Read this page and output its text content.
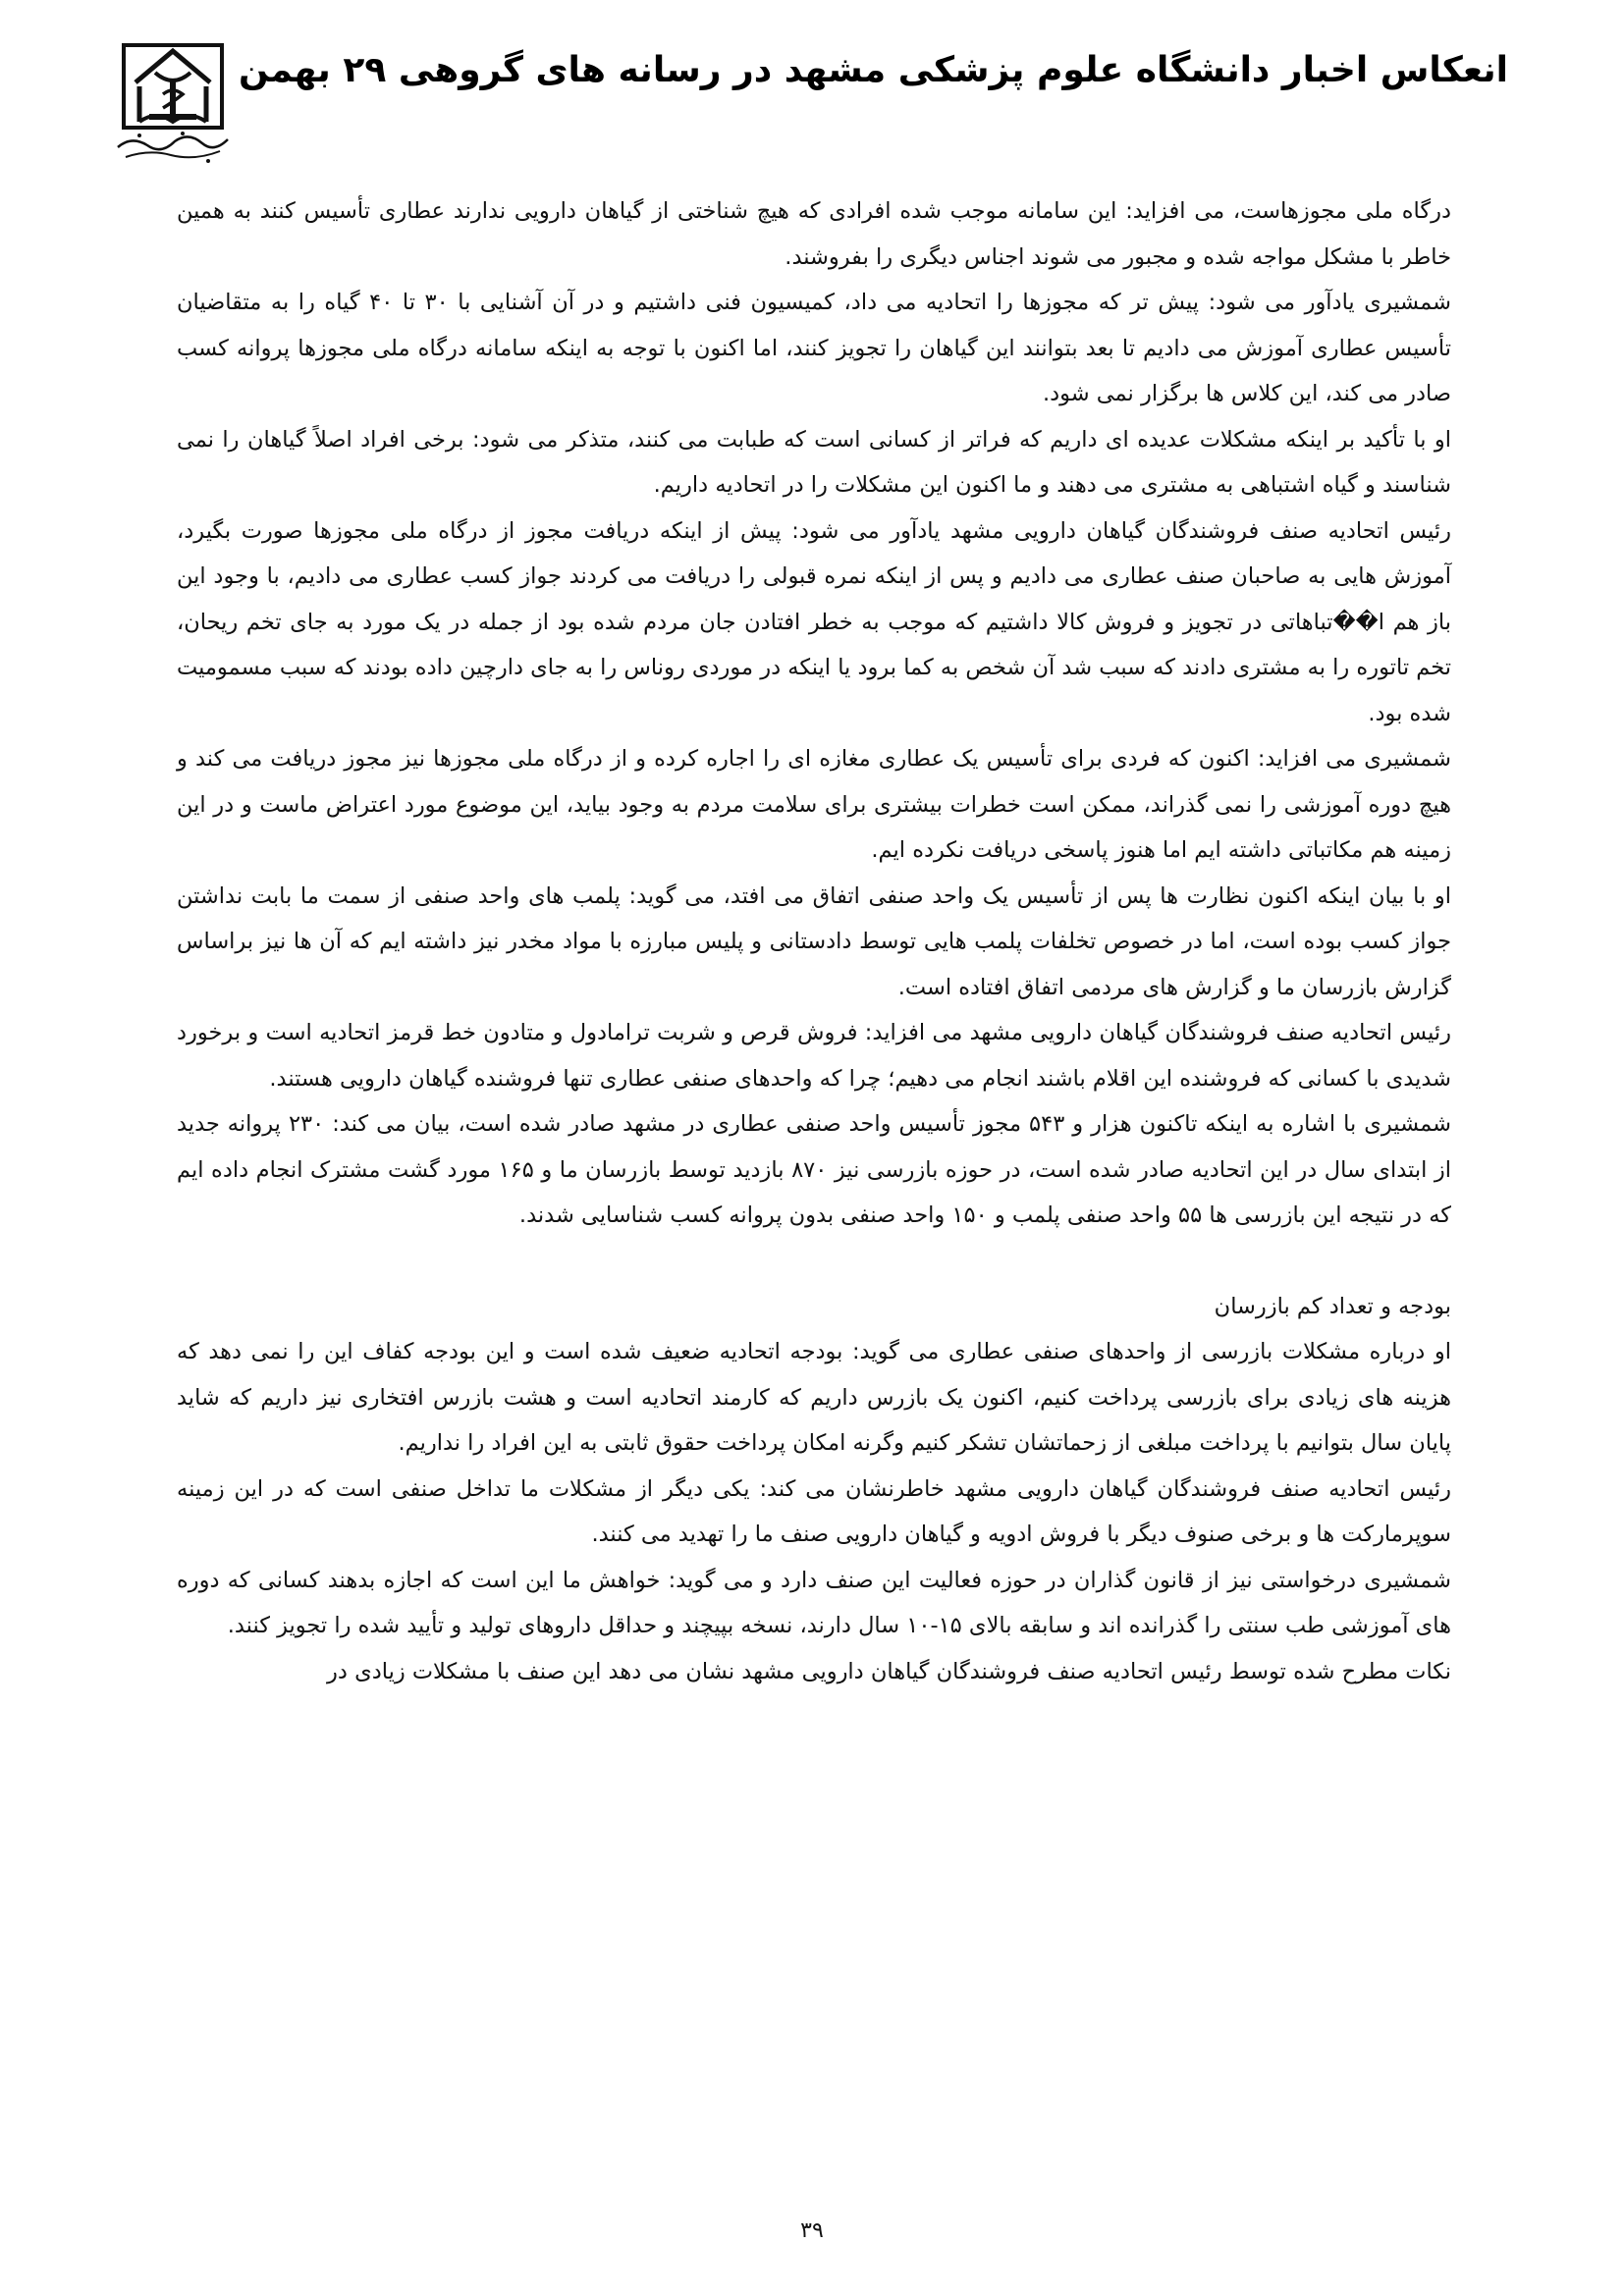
انعکاس اخبار دانشگاه علوم پزشکی مشهد در رسانه های گروهی ۲۹ بهمن

درگاه ملی مجوزهاست، می افزاید: این سامانه موجب شده افرادی که هیچ شناختی از گیاهان دارویی ندارند عطاری تأسیس کنند به همین خاطر با مشکل مواجه شده و مجبور می شوند اجناس دیگری را بفروشند.

شمشیری یادآور می شود: پیش تر که مجوزها را اتحادیه می داد، کمیسیون فنی داشتیم و در آن آشنایی با ۳۰ تا ۴۰ گیاه را به متقاضیان تأسیس عطاری آموزش می دادیم تا بعد بتوانند این گیاهان را تجویز کنند، اما اکنون با توجه به اینکه سامانه درگاه ملی مجوزها پروانه کسب صادر می کند، این کلاس ها برگزار نمی شود.

او با تأکید بر اینکه مشکلات عدیده ای داریم که فراتر از کسانی است که طبابت می کنند، متذکر می شود: برخی افراد اصلاً گیاهان را نمی شناسند و گیاه اشتباهی به مشتری می دهند و ما اکنون این مشکلات را در اتحادیه داریم.

رئیس اتحادیه صنف فروشندگان گیاهان دارویی مشهد یادآور می شود: پیش از اینکه دریافت مجوز از درگاه ملی مجوزها صورت بگیرد، آموزش هایی به صاحبان صنف عطاری می دادیم و پس از اینکه نمره قبولی را دریافت می کردند جواز کسب عطاری می دادیم، با وجود این باز هم ا��تباهاتی در تجویز و فروش کالا داشتیم که موجب به خطر افتادن جان مردم شده بود از جمله در یک مورد به جای تخم ریحان، تخم تاتوره را به مشتری دادند که سبب شد آن شخص به کما برود یا اینکه در موردی روناس را به جای دارچین داده بودند که سبب مسمومیت شده بود.

شمشیری می افزاید: اکنون که فردی برای تأسیس یک عطاری مغازه ای را اجاره کرده و از درگاه ملی مجوزها نیز مجوز دریافت می کند و هیچ دوره آموزشی را نمی گذراند، ممکن است خطرات بیشتری برای سلامت مردم به وجود بیاید، این موضوع مورد اعتراض ماست و در این زمینه هم مکاتباتی داشته ایم اما هنوز پاسخی دریافت نکرده ایم.

او با بیان اینکه اکنون نظارت ها پس از تأسیس یک واحد صنفی اتفاق می افتد، می گوید: پلمب های واحد صنفی از سمت ما بابت نداشتن جواز کسب بوده است، اما در خصوص تخلفات پلمب هایی توسط دادستانی و پلیس مبارزه با مواد مخدر نیز داشته ایم که آن ها نیز براساس گزارش بازرسان ما و گزارش های مردمی اتفاق افتاده است.

رئیس اتحادیه صنف فروشندگان گیاهان دارویی مشهد می افزاید: فروش قرص و شربت ترامادول و متادون خط قرمز اتحادیه است و برخورد شدیدی با کسانی که فروشنده این اقلام باشند انجام می دهیم؛ چرا که واحدهای صنفی عطاری تنها فروشنده گیاهان دارویی هستند.

شمشیری با اشاره به اینکه تاکنون هزار و ۵۴۳ مجوز تأسیس واحد صنفی عطاری در مشهد صادر شده است، بیان می کند: ۲۳۰ پروانه جدید از ابتدای سال در این اتحادیه صادر شده است، در حوزه بازرسی نیز ۸۷۰ بازدید توسط بازرسان ما و ۱۶۵ مورد گشت مشترک انجام داده ایم که در نتیجه این بازرسی ها ۵۵ واحد صنفی پلمب و ۱۵۰ واحد صنفی بدون پروانه کسب شناسایی شدند.

بودجه و تعداد کم بازرسان

او درباره مشکلات بازرسی از واحدهای صنفی عطاری می گوید: بودجه اتحادیه ضعیف شده است و این بودجه کفاف این را نمی دهد که هزینه های زیادی برای بازرسی پرداخت کنیم، اکنون یک بازرس داریم که کارمند اتحادیه است و هشت بازرس افتخاری نیز داریم که شاید پایان سال بتوانیم با پرداخت مبلغی از زحماتشان تشکر کنیم وگرنه امکان پرداخت حقوق ثابتی به این افراد را نداریم.

رئیس اتحادیه صنف فروشندگان گیاهان دارویی مشهد خاطرنشان می کند: یکی دیگر از مشکلات ما تداخل صنفی است که در این زمینه سوپرمارکت ها و برخی صنوف دیگر با فروش ادویه و گیاهان دارویی صنف ما را تهدید می کنند.

شمشیری درخواستی نیز از قانون گذاران در حوزه فعالیت این صنف دارد و می گوید: خواهش ما این است که اجازه بدهند کسانی که دوره های آموزشی طب سنتی را گذرانده اند و سابقه بالای ۱۵-۱۰ سال دارند، نسخه بپیچند و حداقل داروهای تولید و تأیید شده را تجویز کنند.

نکات مطرح شده توسط رئیس اتحادیه صنف فروشندگان گیاهان دارویی مشهد نشان می دهد این صنف با مشکلات زیادی در

۳۹
